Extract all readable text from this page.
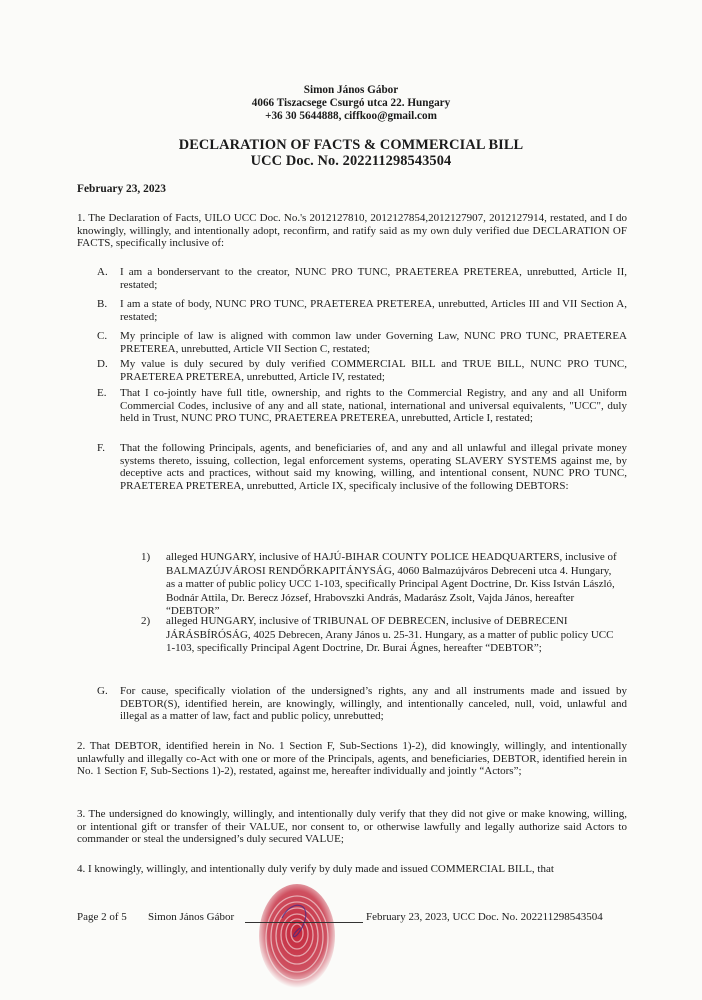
Simon János Gábor
4066 Tiszacsege Csurgó utca 22. Hungary
+36 30 5644888, ciffkoo@gmail.com
DECLARATION OF FACTS & COMMERCIAL BILL
UCC Doc. No. 202211298543504
February 23, 2023
1. The Declaration of Facts, UILO UCC Doc. No.'s 2012127810, 2012127854,2012127907, 2012127914, restated, and I do knowingly, willingly, and intentionally adopt, reconfirm, and ratify said as my own duly verified due DECLARATION OF FACTS, specifically inclusive of:
A.	I am a bonderservant to the creator, NUNC PRO TUNC, PRAETEREA PRETEREA, unrebutted, Article II, restated;
B.	I am a state of body, NUNC PRO TUNC, PRAETEREA PRETEREA, unrebutted, Articles III and VII Section A, restated;
C.	My principle of law is aligned with common law under Governing Law, NUNC PRO TUNC, PRAETEREA PRETEREA, unrebutted, Article VII Section C, restated;
D.	My value is duly secured by duly verified COMMERCIAL BILL and TRUE BILL, NUNC PRO TUNC, PRAETEREA PRETEREA, unrebutted, Article IV, restated;
E.	That I co-jointly have full title, ownership, and rights to the Commercial Registry, and any and all Uniform Commercial Codes, inclusive of any and all state, national, international and universal equivalents, "UCC", duly held in Trust, NUNC PRO TUNC, PRAETEREA PRETEREA, unrebutted, Article I, restated;
F.	That the following Principals, agents, and beneficiaries of, and any and all unlawful and illegal private money systems thereto, issuing, collection, legal enforcement systems, operating SLAVERY SYSTEMS against me, by deceptive acts and practices, without said my knowing, willing, and intentional consent, NUNC PRO TUNC, PRAETEREA PRETEREA, unrebutted, Article IX, specificaly inclusive of the following DEBTORS:
1) alleged HUNGARY, inclusive of HAJÚ-BIHAR COUNTY POLICE HEADQUARTERS, inclusive of BALMAZÚJVÁROSI RENDŐRKAPITÁNYSÁG, 4060 Balmazújváros Debreceni utca 4. Hungary, as a matter of public policy UCC 1-103, specifically Principal Agent Doctrine, Dr. Kiss István László, Bodnár Attila, Dr. Berecz József, Hrabovszki András, Madarász Zsolt, Vajda János, hereafter “DEBTOR”
2) alleged HUNGARY, inclusive of TRIBUNAL OF DEBRECEN, inclusive of DEBRECENI JÁRÁSBÍRÓSÁG, 4025 Debrecen, Arany János u. 25-31. Hungary, as a matter of public policy UCC 1-103, specifically Principal Agent Doctrine, Dr. Burai Ágnes, hereafter “DEBTOR”;
G.	For cause, specifically violation of the undersigned’s rights, any and all instruments made and issued by DEBTOR(S), identified herein, are knowingly, willingly, and intentionally canceled, null, void, unlawful and illegal as a matter of law, fact and public policy, unrebutted;
2. That DEBTOR, identified herein in No. 1 Section F, Sub-Sections 1)-2), did knowingly, willingly, and intentionally unlawfully and illegally co-Act with one or more of the Principals, agents, and beneficiaries, DEBTOR, identified herein in No. 1 Section F, Sub-Sections 1)-2), restated, against me, hereafter individually and jointly “Actors”;
3. The undersigned do knowingly, willingly, and intentionally duly verify that they did not give or make knowing, willing, or intentional gift or transfer of their VALUE, nor consent to, or otherwise lawfully and legally authorize said Actors to commander or steal the undersigned’s duly secured VALUE;
4. I knowingly, willingly, and intentionally duly verify by duly made and issued COMMERCIAL BILL, that
Page 2 of 5 Simon János Gábor	February 23, 2023, UCC Doc. No. 202211298543504
